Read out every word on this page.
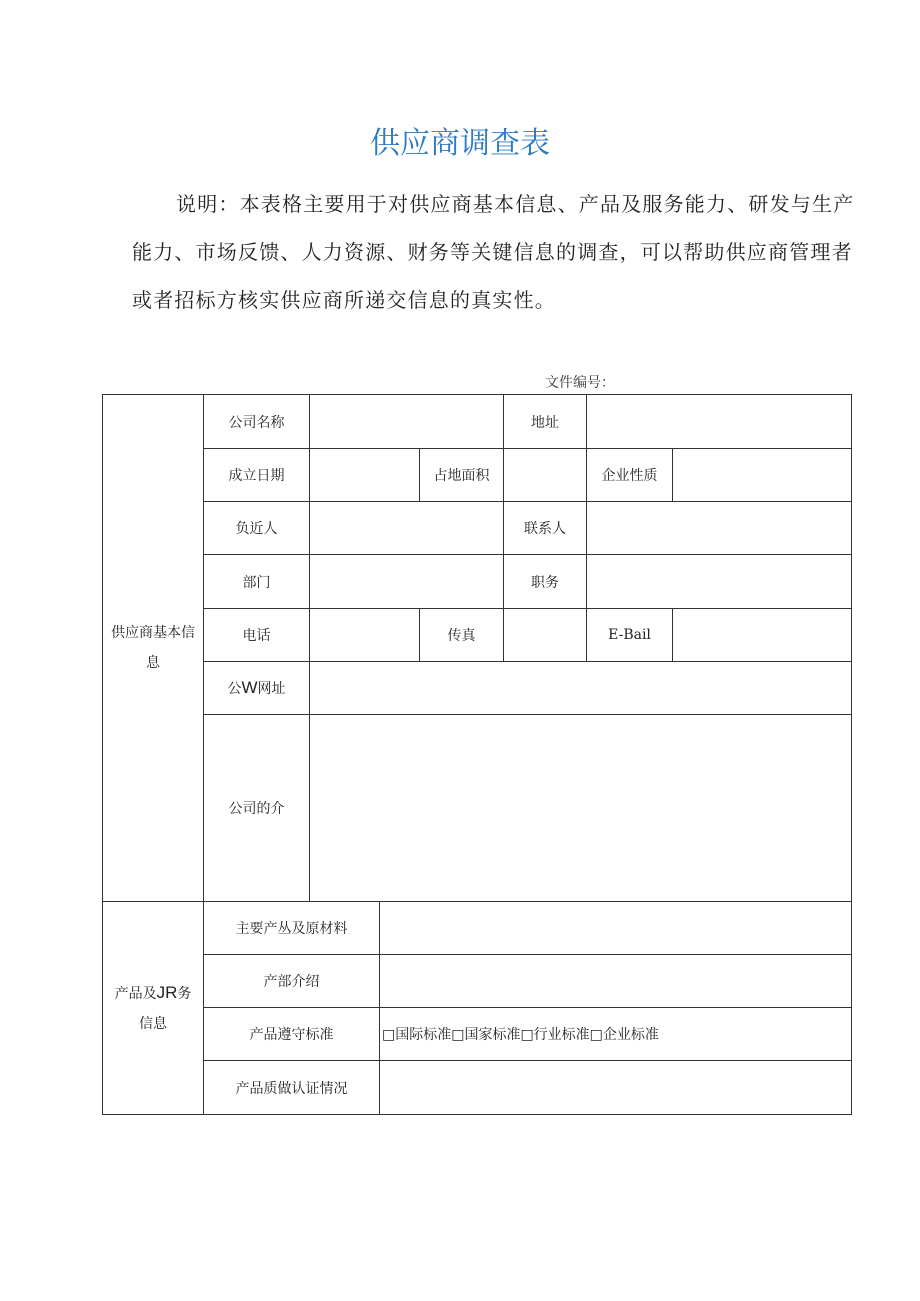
供应商调查表

说明：本表格主要用于对供应商基本信息、产品及服务能力、研发与生产能力、市场反馈、人力资源、财务等关键信息的调查，可以帮助供应商管理者或者招标方核实供应商所递交信息的真实性。

文件编号：
供应商基本信
息	公司名称				地址		
	成立日期			占地面积		企业性质	
	负近人				联系人		
	部门				职务		
	电话			传真		E-Bail	
	公W网址						
	公司的介						
产品及JR务
信息	主要产丛及原材料						
	产部介绍						
	产品遵守标准		□国际标准□国家标准□行业标准□企业标准				
	产品质做认证情况						
